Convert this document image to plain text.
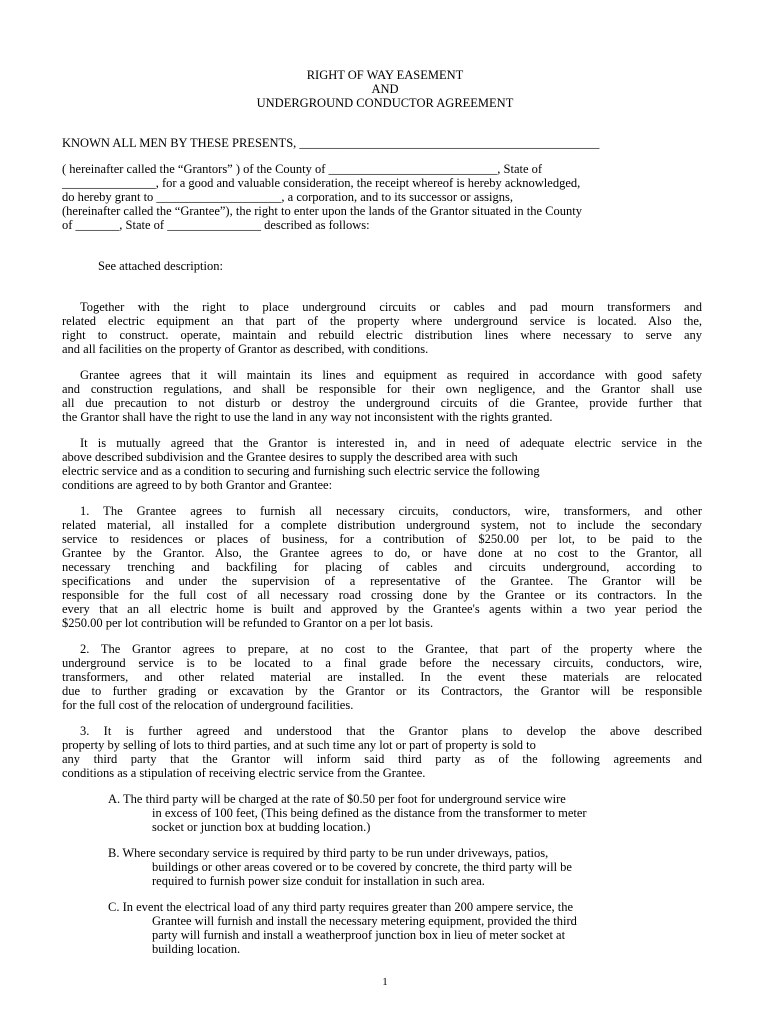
RIGHT OF WAY EASEMENT
AND
UNDERGROUND CONDUCTOR AGREEMENT
KNOWN ALL MEN BY THESE PRESENTS, ________________________________________________
( hereinafter called the “Grantors” ) of the County of ___________________________, State of
_______________, for a good and valuable consideration, the receipt whereof is hereby acknowledged,
do hereby grant to ____________________, a corporation, and to its successor or assigns,
(hereinafter called the “Grantee”), the right to enter upon the lands of the Grantor situated in the County
of _______, State of _______________ described as follows:
See attached description:
Together with the right to place underground circuits or cables and pad mourn transformers and
related electric equipment an that part of the property where underground service is located. Also the,
right to construct. operate, maintain and rebuild electric distribution lines where necessary to serve any
and all facilities on the property of Grantor as described, with conditions.
Grantee agrees that it will maintain its lines and equipment as required in accordance with good safety
and construction regulations, and shall be responsible for their own negligence, and the Grantor shall use
all due precaution to not disturb or destroy the underground circuits of die Grantee, provide further that
the Grantor shall have the right to use the land in any way not inconsistent with the rights granted.
It is mutually agreed that the Grantor is interested in, and in need of adequate electric service in the
above described subdivision and the Grantee desires to supply the described area with such
electric service and as a condition to securing and furnishing such electric service the following
conditions are agreed to by both Grantor and Grantee:
1. The Grantee agrees to furnish all necessary circuits, conductors, wire, transformers, and other
related material, all installed for a complete distribution underground system, not to include the secondary
service to residences or places of business, for a contribution of $250.00 per lot, to be paid to the
Grantee by the Grantor. Also, the Grantee agrees to do, or have done at no cost to the Grantor, all
necessary trenching and backfiling for placing of cables and circuits underground, according to
specifications and under the supervision of a representative of the Grantee. The Grantor will be
responsible for the full cost of all necessary road crossing done by the Grantee or its contractors. In the
every that an all electric home is built and approved by the Grantee's agents within a two year period the
$250.00 per lot contribution will be refunded to Grantor on a per lot basis.
2. The Grantor agrees to prepare, at no cost to the Grantee, that part of the property where the
underground service is to be located to a final grade before the necessary circuits, conductors, wire,
transformers, and other related material are installed. In the event these materials are relocated
due to further grading or excavation by the Grantor or its Contractors, the Grantor will be responsible
for the full cost of the relocation of underground facilities.
3. It is further agreed and understood that the Grantor plans to develop the above described
property by selling of lots to third parties, and at such time any lot or part of property is sold to
any third party that the Grantor will inform said third party as of the following agreements and
conditions as a stipulation of receiving electric service from the Grantee.
A. The third party will be charged at the rate of $0.50 per foot for underground service wire
in excess of 100 feet, (This being defined as the distance from the transformer to meter
socket or junction box at budding location.)
B. Where secondary service is required by third party to be run under driveways, patios,
buildings or other areas covered or to be covered by concrete, the third party will be
required to furnish power size conduit for installation in such area.
C. In event the electrical load of any third party requires greater than 200 ampere service, the
Grantee will furnish and install the necessary metering equipment, provided the third
party will furnish and install a weatherproof junction box in lieu of meter socket at
building location.
1
